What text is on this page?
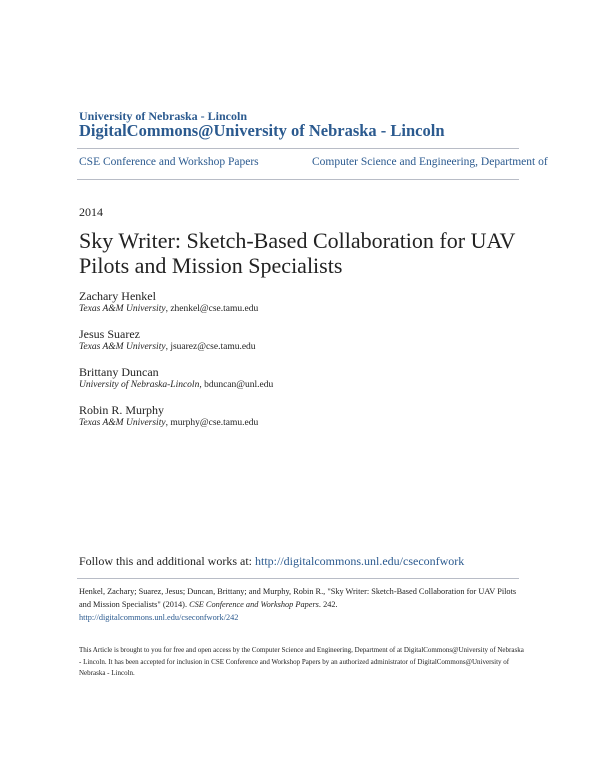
University of Nebraska - Lincoln
DigitalCommons@University of Nebraska - Lincoln
CSE Conference and Workshop Papers	Computer Science and Engineering, Department of
2014
Sky Writer: Sketch-Based Collaboration for UAV
Pilots and Mission Specialists
Zachary Henkel
Texas A&M University, zhenkel@cse.tamu.edu
Jesus Suarez
Texas A&M University, jsuarez@cse.tamu.edu
Brittany Duncan
University of Nebraska-Lincoln, bduncan@unl.edu
Robin R. Murphy
Texas A&M University, murphy@cse.tamu.edu
Follow this and additional works at: http://digitalcommons.unl.edu/cseconfwork
Henkel, Zachary; Suarez, Jesus; Duncan, Brittany; and Murphy, Robin R., "Sky Writer: Sketch-Based Collaboration for UAV Pilots and Mission Specialists" (2014). CSE Conference and Workshop Papers. 242.
http://digitalcommons.unl.edu/cseconfwork/242
This Article is brought to you for free and open access by the Computer Science and Engineering, Department of at DigitalCommons@University of Nebraska - Lincoln. It has been accepted for inclusion in CSE Conference and Workshop Papers by an authorized administrator of DigitalCommons@University of Nebraska - Lincoln.
